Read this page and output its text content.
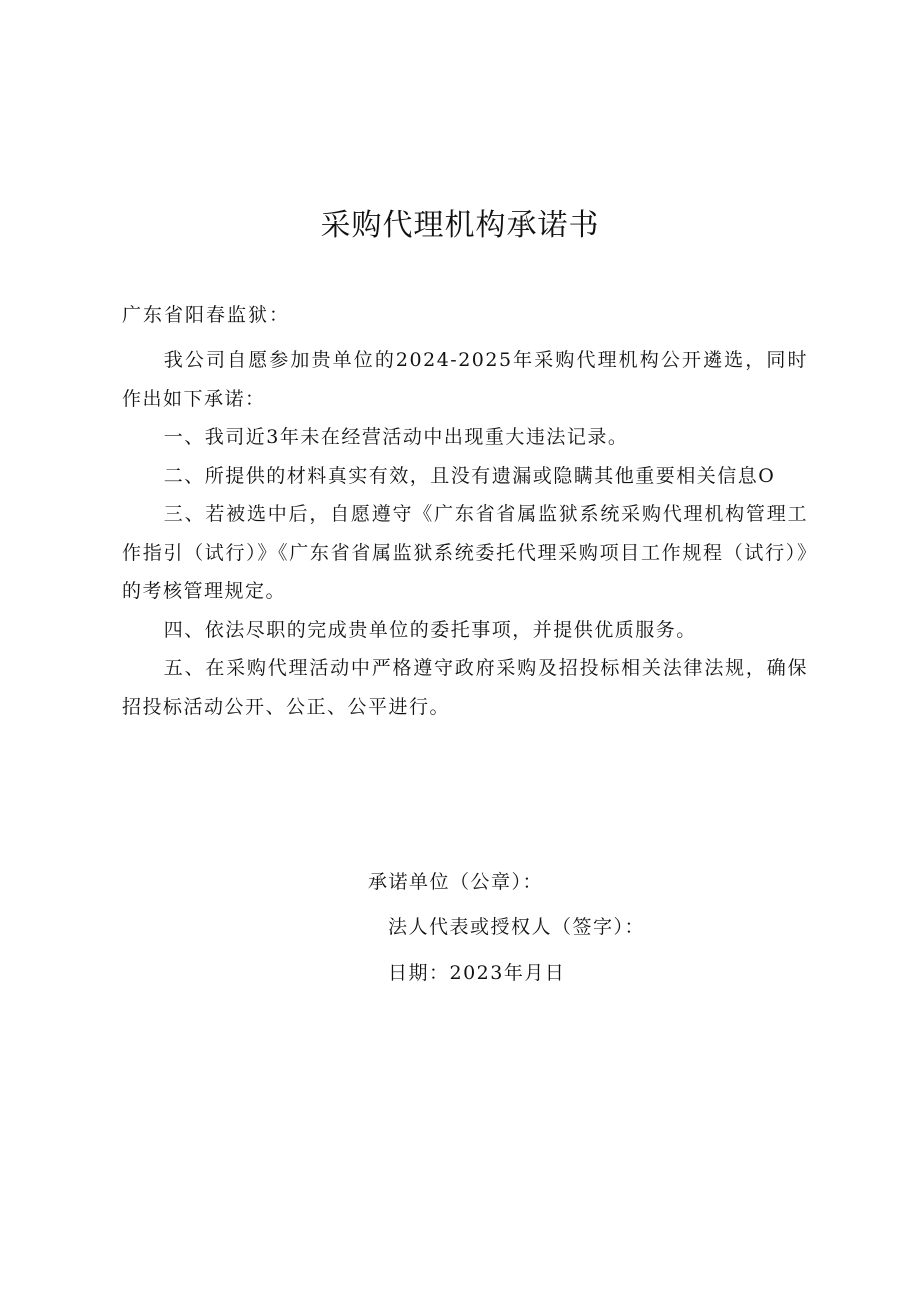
采购代理机构承诺书
广东省阳春监狱：

我公司自愿参加贵单位的2024-2025年采购代理机构公开遴选，同时作出如下承诺：

一、我司近3年未在经营活动中出现重大违法记录。

二、所提供的材料真实有效，且没有遗漏或隐瞒其他重要相关信息O

三、若被选中后，自愿遵守《广东省省属监狱系统采购代理机构管理工作指引（试行）》《广东省省属监狱系统委托代理采购项目工作规程（试行）》的考核管理规定。

四、依法尽职的完成贵单位的委托事项，并提供优质服务。

五、在采购代理活动中严格遵守政府采购及招投标相关法律法规，确保招投标活动公开、公正、公平进行。

承诺单位（公章）：
法人代表或授权人（签字）：
日期：2023年月日
